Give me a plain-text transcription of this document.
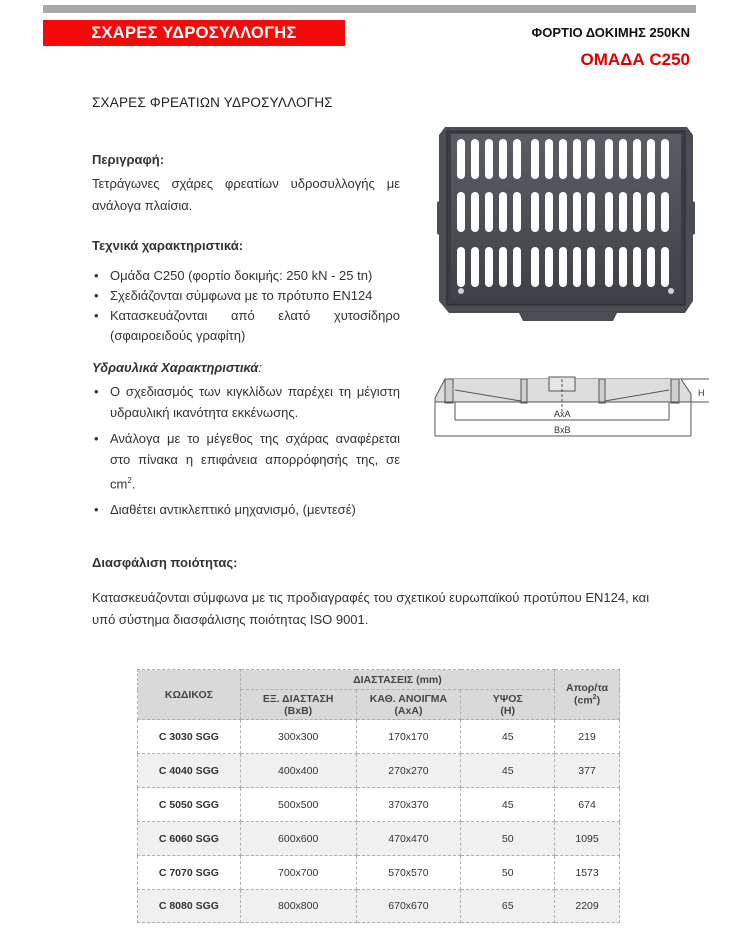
ΣΧΑΡΕΣ ΥΔΡΟΣΥΛΛΟΓΗΣ	ΦΟΡΤΙΟ ΔΟΚΙΜΗΣ 250KN
ΟΜΑΔΑ C250
ΣΧΑΡΕΣ ΦΡΕΑΤΙΩΝ ΥΔΡΟΣΥΛΛΟΓΗΣ
Περιγραφή:
Τετράγωνες σχάρες φρεατίων υδροσυλλογής με ανάλογα πλαίσια.
Τεχνικά χαρακτηριστικά:
• Ομάδα C250 (φορτίο δοκιμής: 250 kN - 25 tn)
• Σχεδιάζονται σύμφωνα με το πρότυπο EN124
• Κατασκευάζονται από ελατό χυτοσίδηρο (σφαιροειδούς γραφίτη)
Υδραυλικά Χαρακτηριστικά:
• Ο σχεδιασμός των κιγκλίδων παρέχει τη μέγιστη υδραυλική ικανότητα εκκένωσης.
• Ανάλογα με το μέγεθος της σχάρας αναφέρεται στο πίνακα η επιφάνεια απορρόφησής της, σε $cm^2$.
• Διαθέτει αντικλεπτικό μηχανισμό, (μεντεσέ)
AxA
BxB
H
Διασφάλιση ποιότητας:
Κατασκευάζονται σύμφωνα με τις προδιαγραφές του σχετικού ευρωπαϊκού προτύπου EN124, και
υπό σύστημα διασφάλισης ποιότητας ISO 9001.
ΚΩΔΙΚΟΣ	ΔΙΑΣΤΑΣΕΙΣ (mm)			Απορ/τα
$(cm^2)$
	ΕΞ. ΔΙΑΣΤΑΣΗ
(BxB)	ΚΑΘ. ΑΝΟΙΓΜΑ
(AxA)	ΥΨΟΣ
(H)	
C 3030 SGG	300x300	170x170	45	219
C 4040 SGG	400x400	270x270	45	377
C 5050 SGG	500x500	370x370	45	674
C 6060 SGG	600x600	470x470	50	1095
C 7070 SGG	700x700	570x570	50	1573
C 8080 SGG	800x800	670x670	65	2209
